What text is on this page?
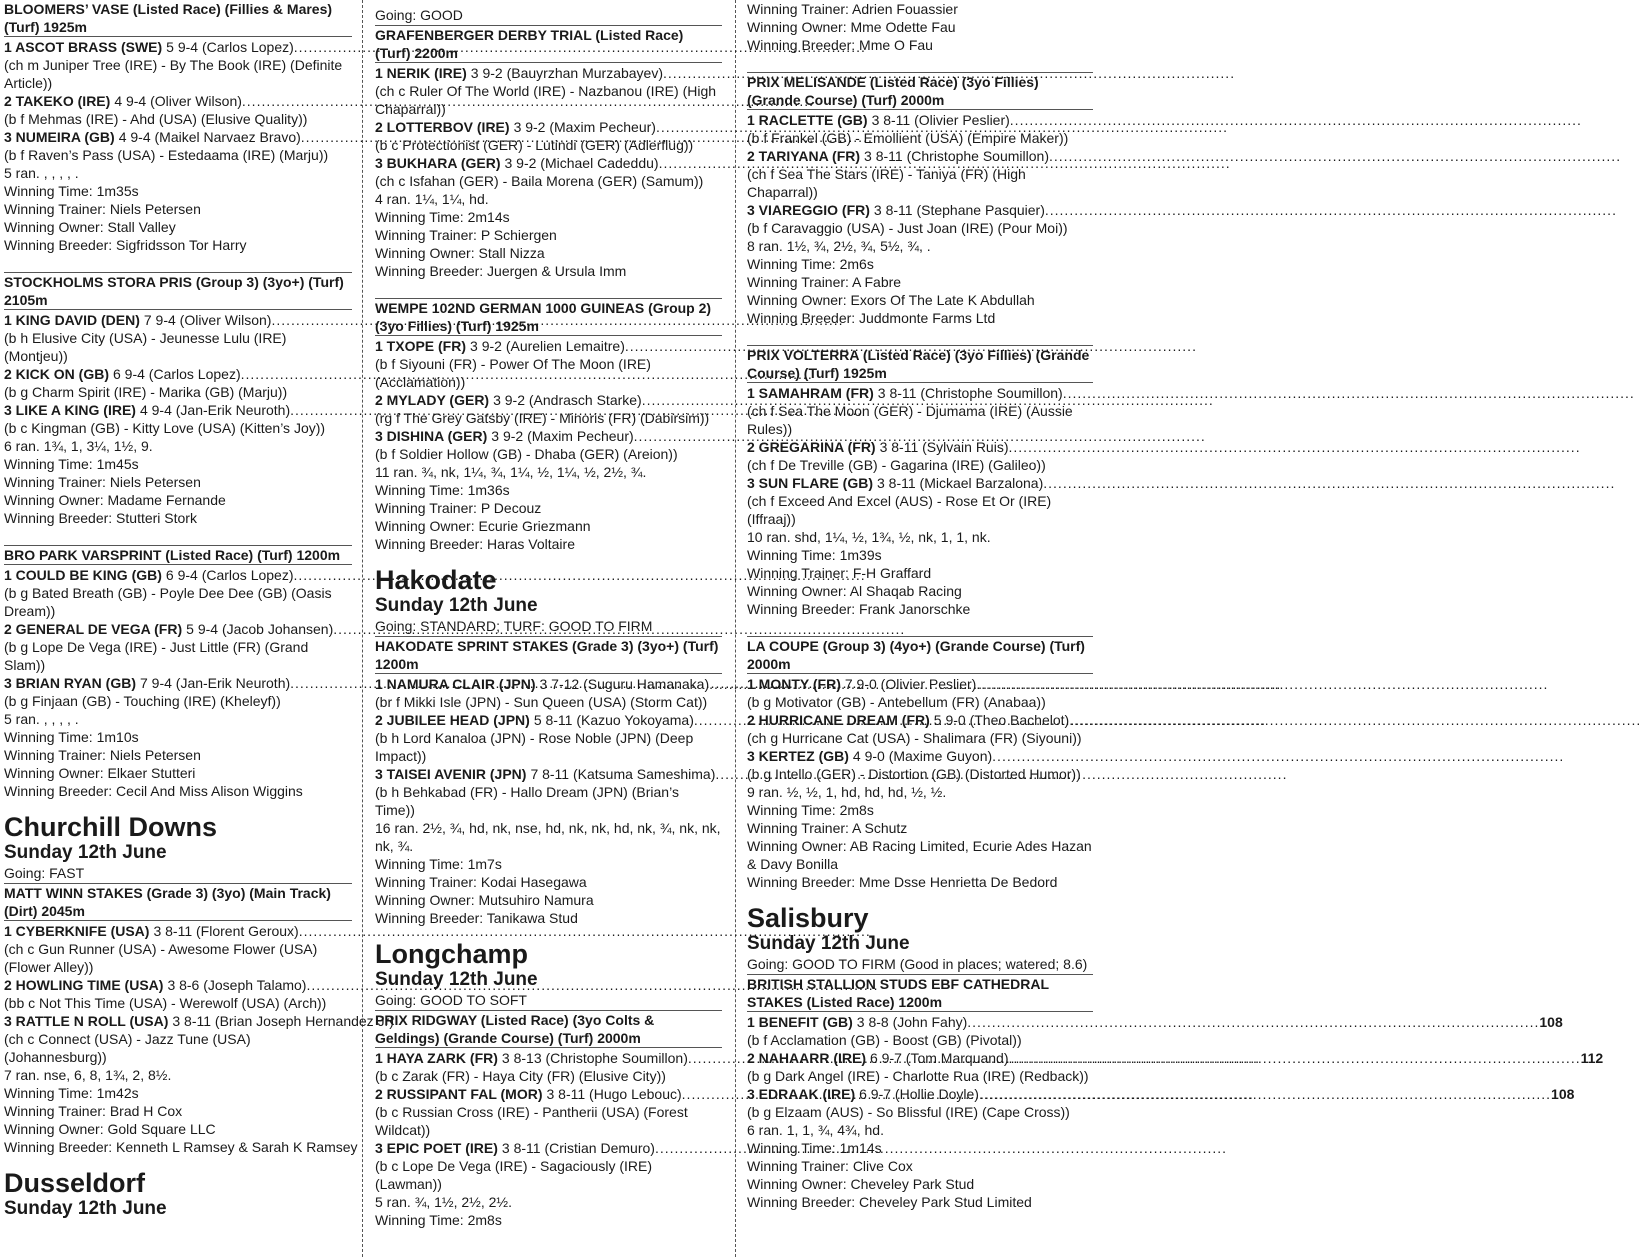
BLOOMERS’ VASE (Listed Race) (Fillies & Mares) (Turf) 1925m
1 ASCOT BRASS (SWE) 5 9-4 (Carlos Lopez)
.....
(ch m Juniper Tree (IRE) - By The Book (IRE) (Definite Article))
2 TAKEKO (IRE) 4 9-4 (Oliver Wilson)
.....
(b f Mehmas (IRE) - Ahd (USA) (Elusive Quality))
3 NUMEIRA (GB) 4 9-4 (Maikel Narvaez Bravo)
.....
(b f Raven’s Pass (USA) - Estedaama (IRE) (Marju))
5 ran. , , , , .
Winning Time: 1m35s
Winning Trainer: Niels Petersen
Winning Owner: Stall Valley
Winning Breeder: Sigfridsson Tor Harry
STOCKHOLMS STORA PRIS (Group 3) (3yo+) (Turf) 2105m
1 KING DAVID (DEN) 7 9-4 (Oliver Wilson)
.....
(b h Elusive City (USA) - Jeunesse Lulu (IRE) (Montjeu))
2 KICK ON (GB) 6 9-4 (Carlos Lopez)
.....
(b g Charm Spirit (IRE) - Marika (GB) (Marju))
3 LIKE A KING (IRE) 4 9-4 (Jan-Erik Neuroth)
.....
(b c Kingman (GB) - Kitty Love (USA) (Kitten’s Joy))
6 ran. 1¾, 1, 3¼, 1½, 9.
Winning Time: 1m45s
Winning Trainer: Niels Petersen
Winning Owner: Madame Fernande
Winning Breeder: Stutteri Stork
BRO PARK VARSPRINT (Listed Race) (Turf) 1200m
1 COULD BE KING (GB) 6 9-4 (Carlos Lopez)
.....
(b g Bated Breath (GB) - Poyle Dee Dee (GB) (Oasis Dream))
2 GENERAL DE VEGA (FR) 5 9-4 (Jacob Johansen)
.....
(b g Lope De Vega (IRE) - Just Little (FR) (Grand Slam))
3 BRIAN RYAN (GB) 7 9-4 (Jan-Erik Neuroth)
.....
(b g Finjaan (GB) - Touching (IRE) (Kheleyf))
5 ran. , , , , .
Winning Time: 1m10s
Winning Trainer: Niels Petersen
Winning Owner: Elkaer Stutteri
Winning Breeder: Cecil And Miss Alison Wiggins
Churchill Downs
Sunday 12th June
Going: FAST
MATT WINN STAKES (Grade 3) (3yo) (Main Track) (Dirt) 2045m
1 CYBERKNIFE (USA) 3 8-11 (Florent Geroux)
.....
(ch c Gun Runner (USA) - Awesome Flower (USA) (Flower Alley))
2 HOWLING TIME (USA) 3 8-6 (Joseph Talamo)
.....
(bb c Not This Time (USA) - Werewolf (USA) (Arch))
3 RATTLE N ROLL (USA) 3 8-11 (Brian Joseph Hernandez Jr)
(ch c Connect (USA) - Jazz Tune (USA) (Johannesburg))
7 ran. nse, 6, 8, 1¾, 2, 8½.
Winning Time: 1m42s
Winning Trainer: Brad H Cox
Winning Owner: Gold Square LLC
Winning Breeder: Kenneth L Ramsey & Sarah K Ramsey
Dusseldorf
Sunday 12th June
Going: GOOD
GRAFENBERGER DERBY TRIAL (Listed Race) (Turf) 2200m
1 NERIK (IRE) 3 9-2 (Bauyrzhan Murzabayev)
.....
(ch c Ruler Of The World (IRE) - Nazbanou (IRE) (High Chaparral))
2 LOTTERBOV (IRE) 3 9-2 (Maxim Pecheur)
.....
(b c Protectionist (GER) - Lutindi (GER) (Adlerflug))
3 BUKHARA (GER) 3 9-2 (Michael Cadeddu)
.....
(ch c Isfahan (GER) - Baila Morena (GER) (Samum))
4 ran. 1¼, 1¼, hd.
Winning Time: 2m14s
Winning Trainer: P Schiergen
Winning Owner: Stall Nizza
Winning Breeder: Juergen & Ursula Imm
WEMPE 102ND GERMAN 1000 GUINEAS (Group 2) (3yo Fillies) (Turf) 1925m
1 TXOPE (FR) 3 9-2 (Aurelien Lemaitre)
.....
(b f Siyouni (FR) - Power Of The Moon (IRE) (Acclamation))
2 MYLADY (GER) 3 9-2 (Andrasch Starke)
.....
(rg f The Grey Gatsby (IRE) - Minoris (FR) (Dabirsim))
3 DISHINA (GER) 3 9-2 (Maxim Pecheur)
.....
(b f Soldier Hollow (GB) - Dhaba (GER) (Areion))
11 ran. ¾, nk, 1¼, ¾, 1¼, ½, 1¼, ½, 2½, ¾.
Winning Time: 1m36s
Winning Trainer: P Decouz
Winning Owner: Ecurie Griezmann
Winning Breeder: Haras Voltaire
Hakodate
Sunday 12th June
Going: STANDARD; TURF: GOOD TO FIRM
HAKODATE SPRINT STAKES (Grade 3) (3yo+) (Turf) 1200m
1 NAMURA CLAIR (JPN) 3 7-12 (Suguru Hamanaka)
.....
(br f Mikki Isle (JPN) - Sun Queen (USA) (Storm Cat))
2 JUBILEE HEAD (JPN) 5 8-11 (Kazuo Yokoyama)
.....
(b h Lord Kanaloa (JPN) - Rose Noble (JPN) (Deep Impact))
3 TAISEI AVENIR (JPN) 7 8-11 (Katsuma Sameshima)
.....
(b h Behkabad (FR) - Hallo Dream (JPN) (Brian’s Time))
16 ran. 2½, ¾, hd, nk, nse, hd, nk, nk, hd, nk, ¾, nk, nk, nk, ¾.
Winning Time: 1m7s
Winning Trainer: Kodai Hasegawa
Winning Owner: Mutsuhiro Namura
Winning Breeder: Tanikawa Stud
Longchamp
Sunday 12th June
Going: GOOD TO SOFT
PRIX RIDGWAY (Listed Race) (3yo Colts & Geldings) (Grande Course) (Turf) 2000m
1 HAYA ZARK (FR) 3 8-13 (Christophe Soumillon)
.....
(b c Zarak (FR) - Haya City (FR) (Elusive City))
2 RUSSIPANT FAL (MOR) 3 8-11 (Hugo Lebouc)
.....
(b c Russian Cross (IRE) - Pantherii (USA) (Forest Wildcat))
3 EPIC POET (IRE) 3 8-11 (Cristian Demuro)
.....
(b c Lope De Vega (IRE) - Sagaciously (IRE) (Lawman))
5 ran. ¾, 1½, 2½, 2½.
Winning Time: 2m8s
Winning Trainer: Adrien Fouassier
Winning Owner: Mme Odette Fau
Winning Breeder: Mme O Fau
PRIX MELISANDE (Listed Race) (3yo Fillies) (Grande Course) (Turf) 2000m
1 RACLETTE (GB) 3 8-11 (Olivier Peslier)
.....
(b f Frankel (GB) - Emollient (USA) (Empire Maker))
2 TARIYANA (FR) 3 8-11 (Christophe Soumillon)
.....
(ch f Sea The Stars (IRE) - Taniya (FR) (High Chaparral))
3 VIAREGGIO (FR) 3 8-11 (Stephane Pasquier)
.....
(b f Caravaggio (USA) - Just Joan (IRE) (Pour Moi))
8 ran. 1½, ¾, 2½, ¾, 5½, ¾, .
Winning Time: 2m6s
Winning Trainer: A Fabre
Winning Owner: Exors Of The Late K Abdullah
Winning Breeder: Juddmonte Farms Ltd
PRIX VOLTERRA (Listed Race) (3yo Fillies) (Grande Course) (Turf) 1925m
1 SAMAHRAM (FR) 3 8-11 (Christophe Soumillon)
.....
(ch f Sea The Moon (GER) - Djumama (IRE) (Aussie Rules))
2 GREGARINA (FR) 3 8-11 (Sylvain Ruis)
.....
(ch f De Treville (GB) - Gagarina (IRE) (Galileo))
3 SUN FLARE (GB) 3 8-11 (Mickael Barzalona)
.....
(ch f Exceed And Excel (AUS) - Rose Et Or (IRE) (Iffraaj))
10 ran. shd, 1¼, ½, 1¾, ½, nk, 1, 1, nk.
Winning Time: 1m39s
Winning Trainer: F-H Graffard
Winning Owner: Al Shaqab Racing
Winning Breeder: Frank Janorschke
LA COUPE (Group 3) (4yo+) (Grande Course) (Turf) 2000m
1 MONTY (FR) 7 9-0 (Olivier Peslier)
.....
(b g Motivator (GB) - Antebellum (FR) (Anabaa))
2 HURRICANE DREAM (FR) 5 9-0 (Theo Bachelot)
.....
(ch g Hurricane Cat (USA) - Shalimara (FR) (Siyouni))
3 KERTEZ (GB) 4 9-0 (Maxime Guyon)
.....
(b g Intello (GER) - Distortion (GB) (Distorted Humor))
9 ran. ½, ½, 1, hd, hd, hd, ½, ½.
Winning Time: 2m8s
Winning Trainer: A Schutz
Winning Owner: AB Racing Limited, Ecurie Ades Hazan & Davy Bonilla
Winning Breeder: Mme Dsse Henrietta De Bedord
Salisbury
Sunday 12th June
Going: GOOD TO FIRM (Good in places; watered; 8.6)
BRITISH STALLION STUDS EBF CATHEDRAL STAKES (Listed Race) 1200m
1 BENEFIT (GB) 3 8-8 (John Fahy) .....	108
(b f Acclamation (GB) - Boost (GB) (Pivotal))
2 NAHAARR (IRE) 6 9-7 (Tom Marquand) .....	112
(b g Dark Angel (IRE) - Charlotte Rua (IRE) (Redback))
3 EDRAAK (IRE) 6 9-7 (Hollie Doyle) .....	108
(b g Elzaam (AUS) - So Blissful (IRE) (Cape Cross))
6 ran. 1, 1, ¾, 4¾, hd.
Winning Time: 1m14s
Winning Trainer: Clive Cox
Winning Owner: Cheveley Park Stud
Winning Breeder: Cheveley Park Stud Limited
